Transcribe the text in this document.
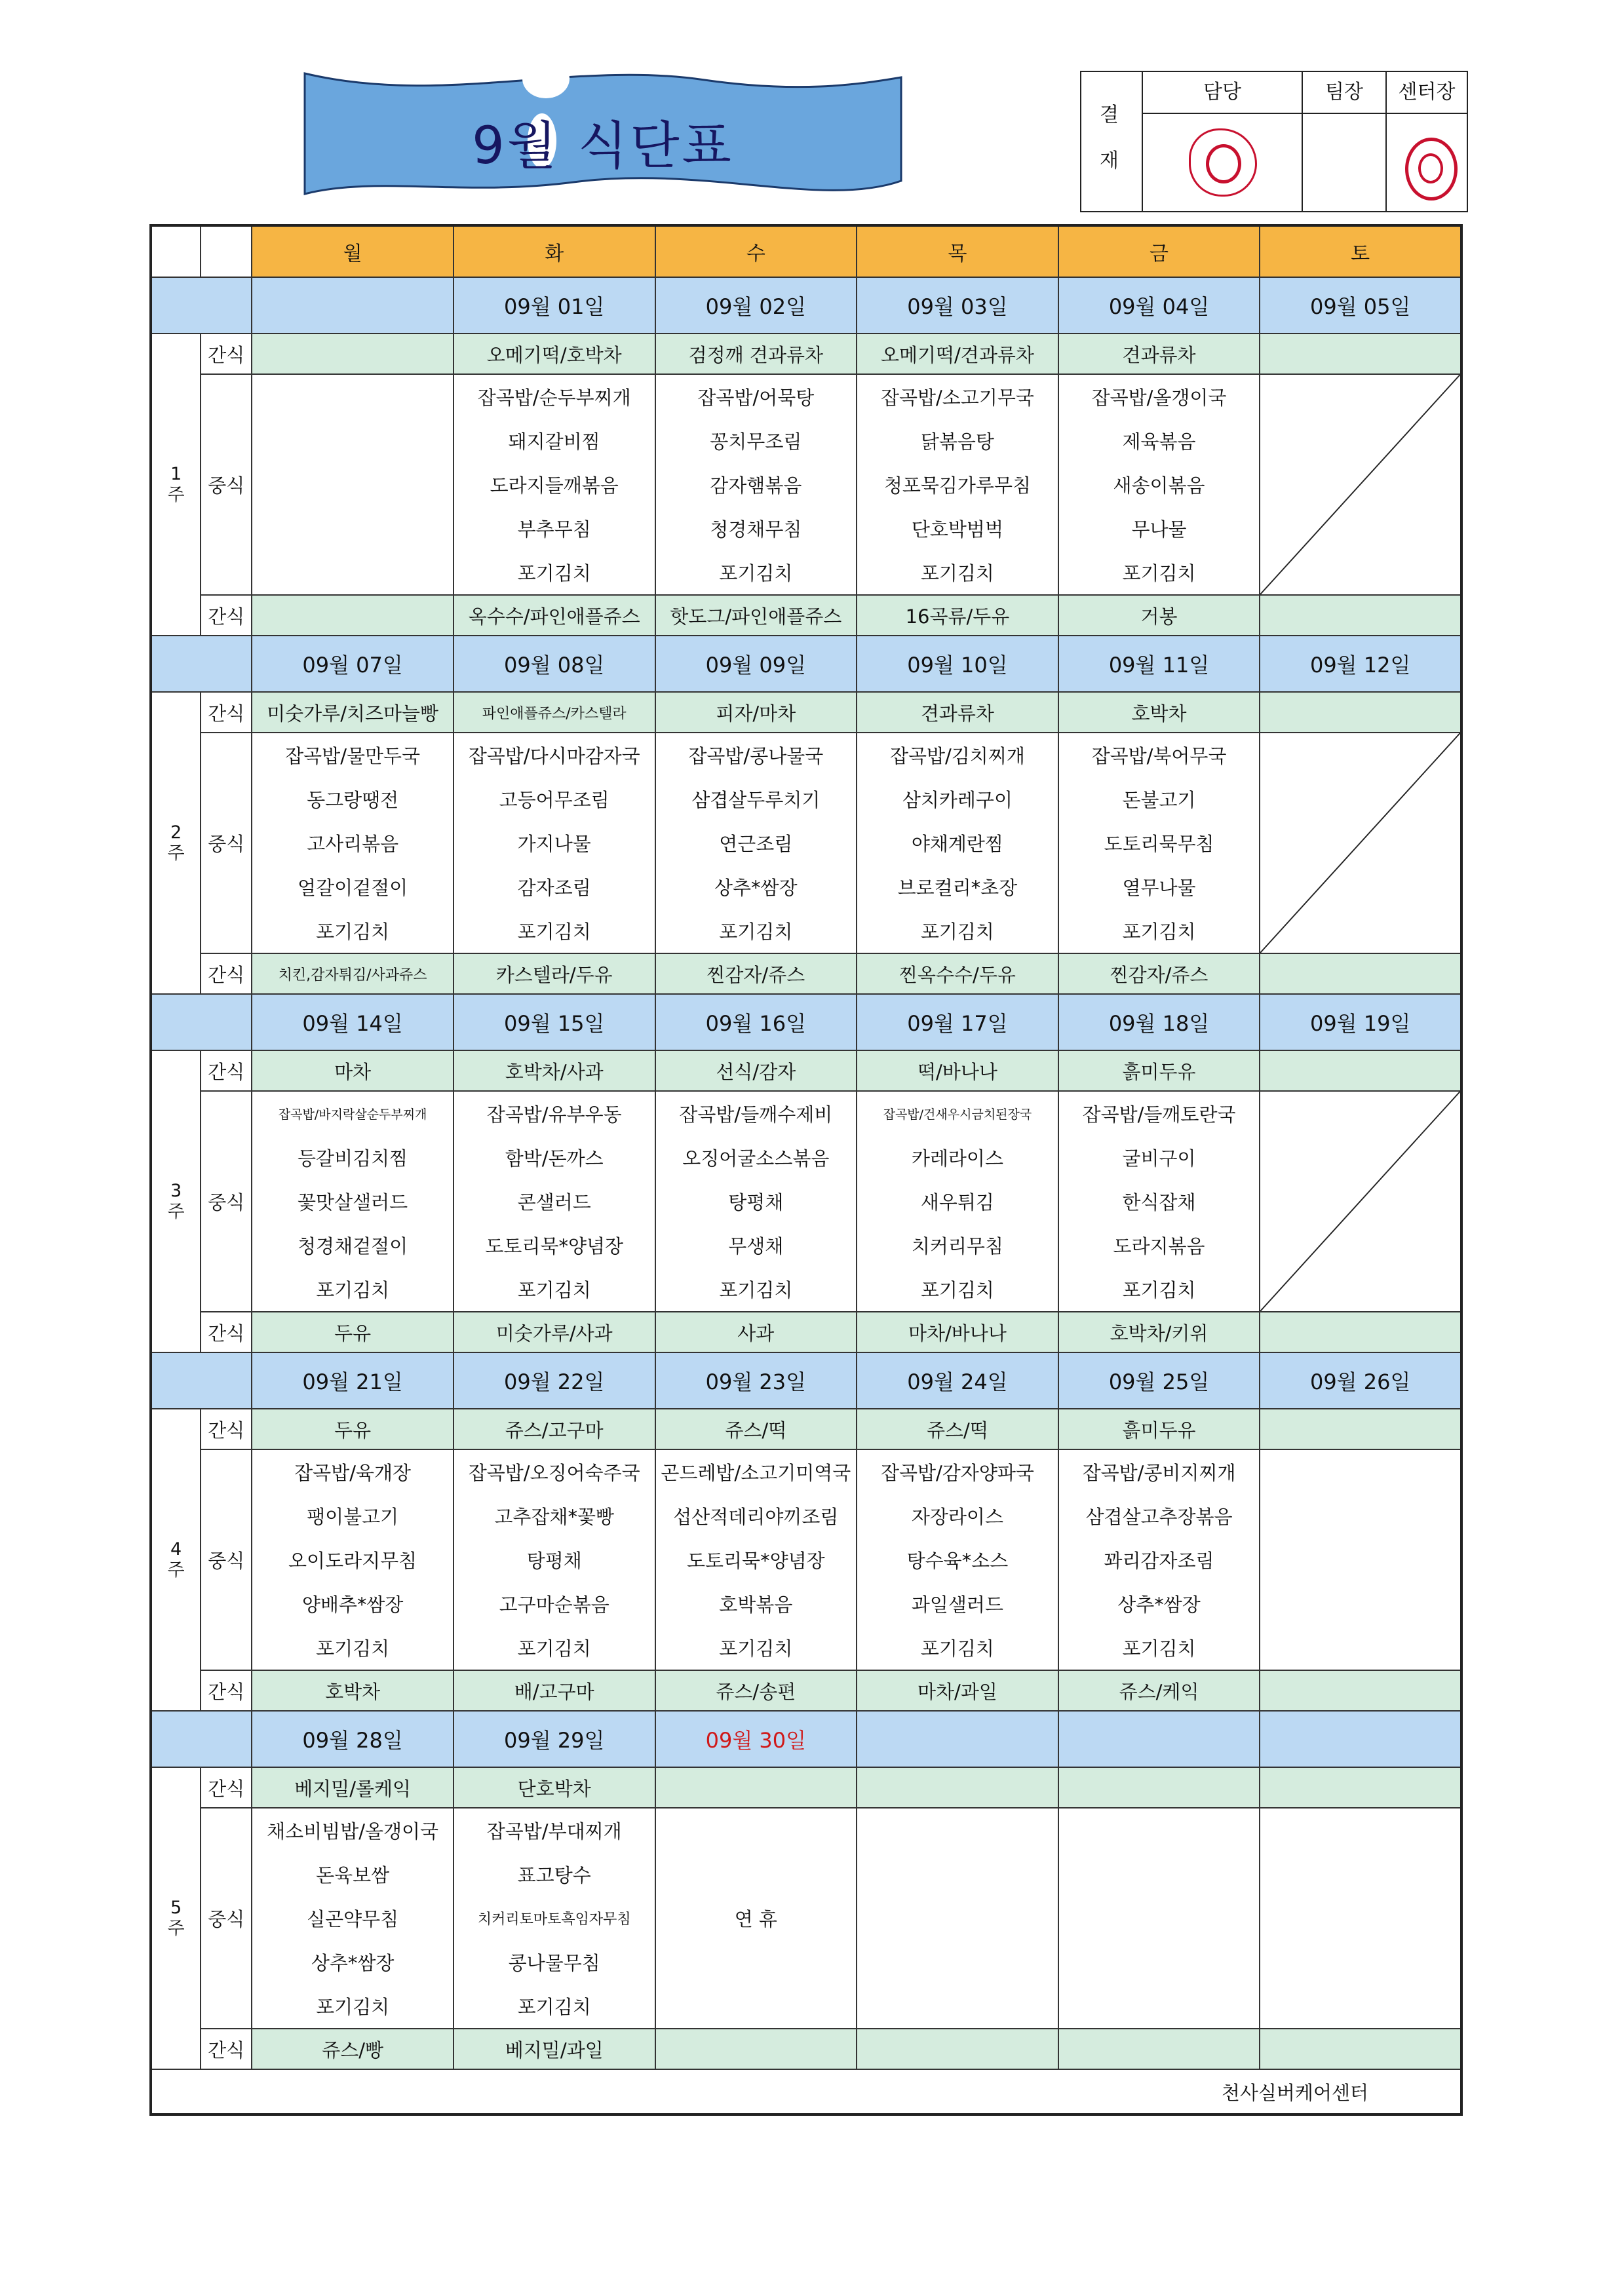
9월 식단표
결
재
담당	팀장	센터장
		월	화	수	목	금	토
			09월 01일	09월 02일	09월 03일	09월 04일	09월 05일
1
주	간식		오메기떡/호박차	검정깨 견과류차	오메기떡/견과류차	견과류차	
	중식		잡곡밥/순두부찌개	잡곡밥/어묵탕	잡곡밥/소고기무국	잡곡밥/올갱이국	

			돼지갈비찜	꽁치무조림	닭볶음탕	제육볶음	
			도라지들깨볶음	감자햄볶음	청포묵김가루무침	새송이볶음	
			부추무침	청경채무침	단호박범벅	무나물	
			포기김치	포기김치	포기김치	포기김치	
	간식		옥수수/파인애플쥬스	핫도그/파인애플쥬스	16곡류/두유	거봉	
		09월 07일	09월 08일	09월 09일	09월 10일	09월 11일	09월 12일
2
주	간식	미숫가루/치즈마늘빵	파인애플쥬스/카스텔라	피자/마차	견과류차	호박차	
	중식	잡곡밥/물만두국	잡곡밥/다시마감자국	잡곡밥/콩나물국	잡곡밥/김치찌개	잡곡밥/북어무국	

		동그랑땡전	고등어무조림	삼겹살두루치기	삼치카레구이	돈불고기	
		고사리볶음	가지나물	연근조림	야채계란찜	도토리묵무침	
		얼갈이겉절이	감자조림	상추*쌈장	브로컬리*초장	열무나물	
		포기김치	포기김치	포기김치	포기김치	포기김치	
	간식	치킨,감자튀김/사과쥬스	카스텔라/두유	찐감자/쥬스	찐옥수수/두유	찐감자/쥬스	
		09월 14일	09월 15일	09월 16일	09월 17일	09월 18일	09월 19일
3
주	간식	마차	호박차/사과	선식/감자	떡/바나나	흙미두유	
	중식	잡곡밥/바지락살순두부찌개	잡곡밥/유부우동	잡곡밥/들깨수제비	잡곡밥/건새우시금치된장국	잡곡밥/들깨토란국	

		등갈비김치찜	함박/돈까스	오징어굴소스볶음	카레라이스	굴비구이	
		꽃맛살샐러드	콘샐러드	탕평채	새우튀김	한식잡채	
		청경채겉절이	도토리묵*양념장	무생채	치커리무침	도라지볶음	
		포기김치	포기김치	포기김치	포기김치	포기김치	
	간식	두유	미숫가루/사과	사과	마차/바나나	호박차/키위	
		09월 21일	09월 22일	09월 23일	09월 24일	09월 25일	09월 26일
4
주	간식	두유	쥬스/고구마	쥬스/떡	쥬스/떡	흙미두유	
	중식	잡곡밥/육개장	잡곡밥/오징어숙주국	곤드레밥/소고기미역국	잡곡밥/감자양파국	잡곡밥/콩비지찌개	
		팽이불고기	고추잡채*꽃빵	섭산적데리야끼조림	자장라이스	삼겹살고추장볶음	
		오이도라지무침	탕평채	도토리묵*양념장	탕수육*소스	꽈리감자조림	
		양배추*쌈장	고구마순볶음	호박볶음	과일샐러드	상추*쌈장	
		포기김치	포기김치	포기김치	포기김치	포기김치	
	간식	호박차	배/고구마	쥬스/송편	마차/과일	쥬스/케익	
		09월 28일	09월 29일	09월 30일			
5
주	간식	베지밀/롤케익	단호박차				
	중식	채소비빔밥/올갱이국	잡곡밥/부대찌개				
		돈육보쌈	표고탕수				
		실곤약무침	치커리토마토흑임자무침	연 휴			
		상추*쌈장	콩나물무침				
		포기김치	포기김치				
	간식	쥬스/빵	베지밀/과일				
천사실버케어센터							
